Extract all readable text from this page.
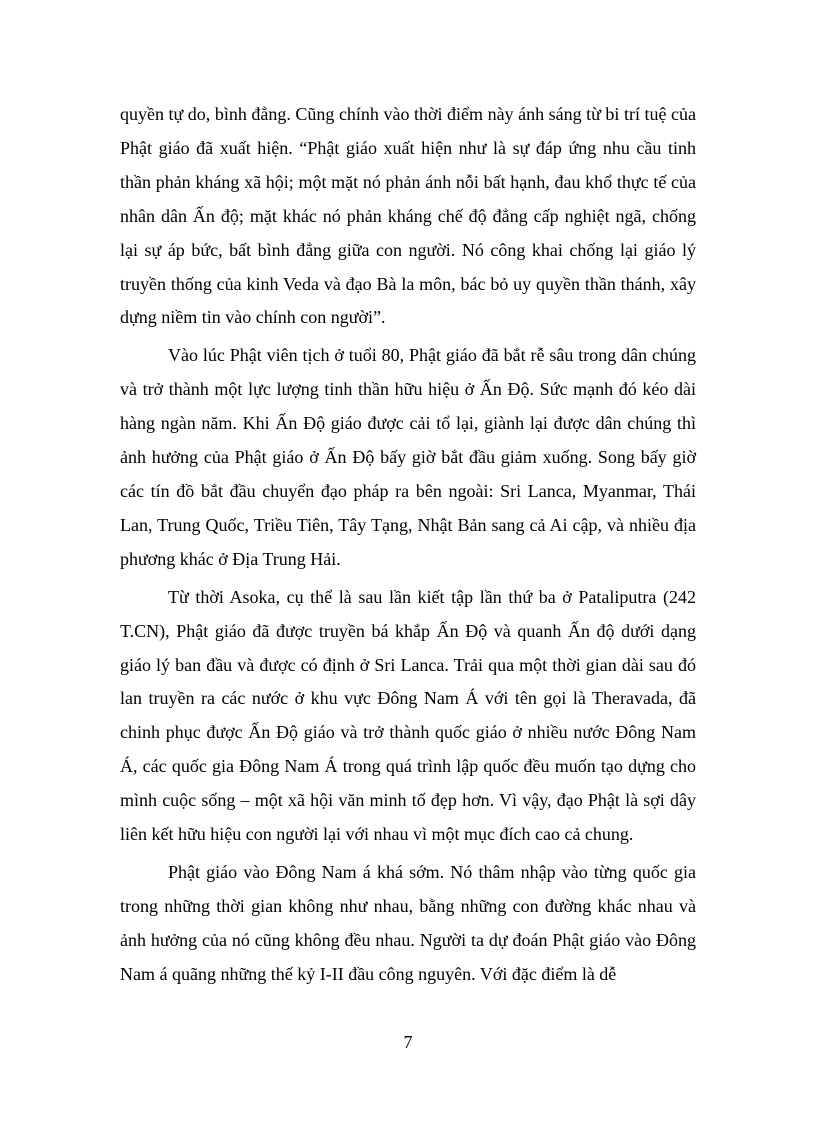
quyền tự do, bình đẳng. Cũng chính vào thời điểm này ánh sáng từ bi trí tuệ của Phật giáo đã xuất hiện. “Phật giáo xuất hiện như là sự đáp ứng nhu cầu tinh thần phản kháng xã hội; một mặt nó phản ánh nỗi bất hạnh, đau khổ thực tế của nhân dân Ấn độ; mặt khác nó phản kháng chế độ đẳng cấp nghiệt ngã, chống lại sự áp bức, bất bình đẳng giữa con người. Nó công khai chống lại giáo lý truyền thống của kinh Veda và đạo Bà la môn, bác bỏ uy quyền thần thánh, xây dựng niềm tin vào chính con người”.

Vào lúc Phật viên tịch ở tuổi 80, Phật giáo đã bắt rễ sâu trong dân chúng và trở thành một lực lượng tinh thần hữu hiệu ở Ấn Độ. Sức mạnh đó kéo dài hàng ngàn năm. Khi Ấn Độ giáo được cải tổ lại, giành lại được dân chúng thì ảnh hưởng của Phật giáo ở Ấn Độ bấy giờ bắt đầu giảm xuống. Song bấy giờ các tín đồ bắt đầu chuyển đạo pháp ra bên ngoài: Sri Lanca, Myanmar, Thái Lan, Trung Quốc, Triều Tiên, Tây Tạng, Nhật Bản sang cả Ai cập, và nhiều địa phương khác ở Địa Trung Hải.

Từ thời Asoka, cụ thể là sau lần kiết tập lần thứ ba ở Pataliputra (242 T.CN), Phật giáo đã được truyền bá khắp Ấn Độ và quanh Ấn độ dưới dạng giáo lý ban đầu và được có định ở Sri Lanca. Trải qua một thời gian dài sau đó lan truyền ra các nước ở khu vực Đông Nam Á với tên gọi là Theravada, đã chinh phục được Ấn Độ giáo và trở thành quốc giáo ở nhiều nước Đông Nam Á, các quốc gia Đông Nam Á trong quá trình lập quốc đều muốn tạo dựng cho mình cuộc sống – một xã hội văn minh tố đẹp hơn. Vì vậy, đạo Phật là sợi dây liên kết hữu hiệu con người lại với nhau vì một mục đích cao cả chung.

Phật giáo vào Đông Nam á khá sớm. Nó thâm nhập vào từng quốc gia trong những thời gian không như nhau, bằng những con đường khác nhau và ảnh hưởng của nó cũng không đều nhau. Người ta dự đoán Phật giáo vào Đông Nam á quãng những thế kỷ I-II đầu công nguyên. Với đặc điểm là dễ

7
